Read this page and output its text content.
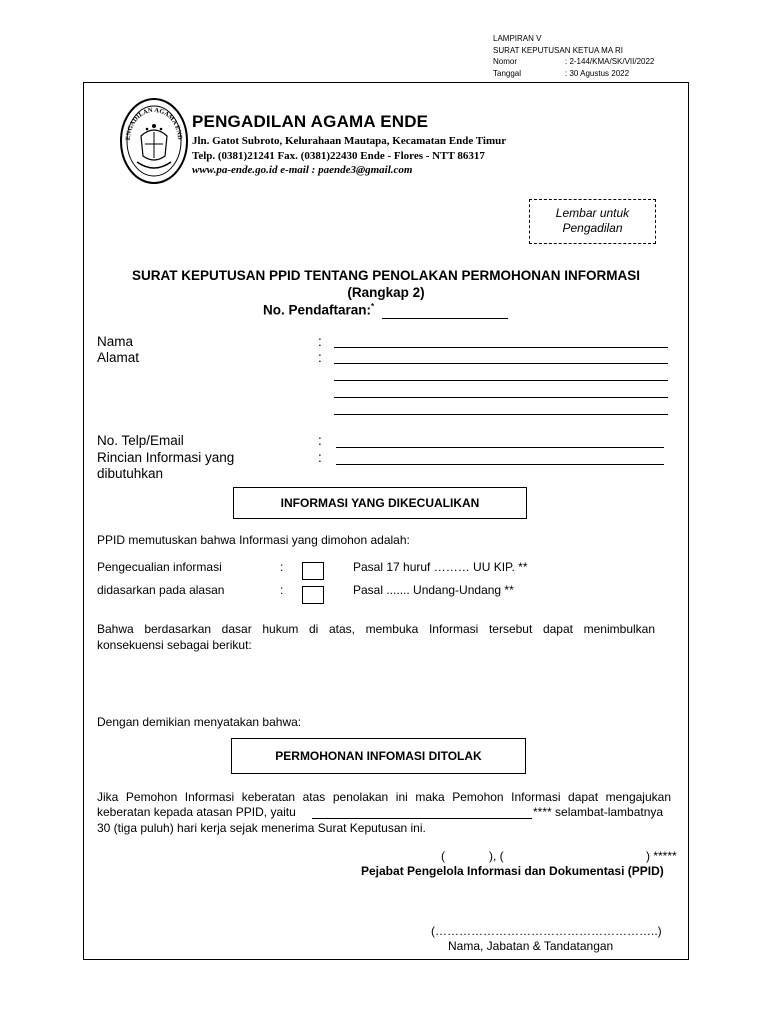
LAMPIRAN V
SURAT KEPUTUSAN KETUA MA RI
Nomor	: 2-144/KMA/SK/VII/2022
Tanggal	: 30 Agustus 2022
ENGADILAN AGAMA END
PENGADILAN AGAMA ENDE
Jln. Gatot Subroto, Kelurahaan Mautapa, Kecamatan Ende Timur
Telp. (0381)21241 Fax. (0381)22430 Ende - Flores - NTT 86317
www.pa-ende.go.id e-mail : paende3@gmail.com
Lembar untuk
Pengadilan
SURAT KEPUTUSAN PPID TENTANG PENOLAKAN PERMOHONAN INFORMASI
(Rangkap 2)
No. Pendaftaran:*
Nama	:
Alamat	:
No. Telp/Email	:
Rincian Informasi yang	:
dibutuhkan
INFORMASI YANG DIKECUALIKAN
PPID memutuskan bahwa Informasi yang dimohon adalah:
Pengecualian informasi	:	Pasal 17 huruf ……… UU KIP. **
didasarkan pada alasan	:	Pasal ....... Undang-Undang **
Bahwa berdasarkan dasar hukum di atas, membuka Informasi tersebut dapat menimbulkan
konsekuensi sebagai berikut:
Dengan demikian menyatakan bahwa:
PERMOHONAN INFOMASI DITOLAK
Jika Pemohon Informasi keberatan atas penolakan ini maka Pemohon Informasi dapat mengajukan
keberatan kepada atasan PPID, yaitu	**** selambat-lambatnya
30 (tiga puluh) hari kerja sejak menerima Surat Keputusan ini.
(	), (	) *****
Pejabat Pengelola Informasi dan Dokumentasi (PPID)
(………………………………………………..)
Nama, Jabatan & Tandatangan
